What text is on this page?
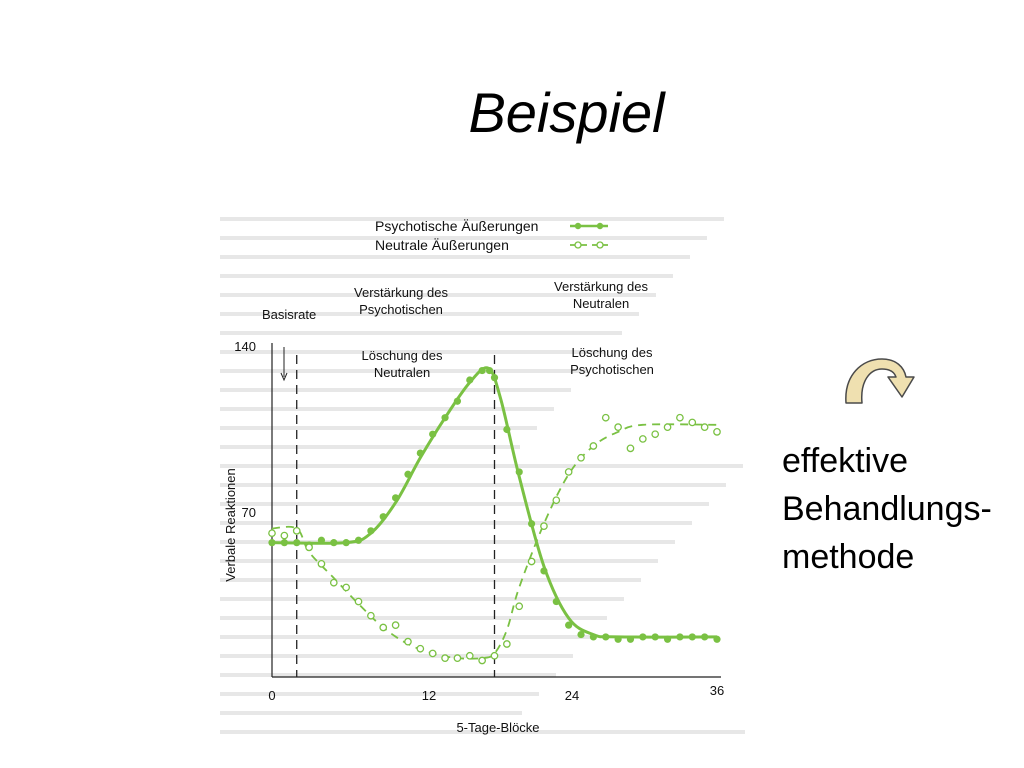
Beispiel
Psychotische Äußerungen
Neutrale Äußerungen
Basisrate
Verstärkung des Psychotischen
Verstärkung des Neutralen
Löschung des Neutralen
Löschung des Psychotischen
140
70
0	12	24	36
5-Tage-Blöcke
Verbale Reaktionen
effektive
Behandlungs-
methode
